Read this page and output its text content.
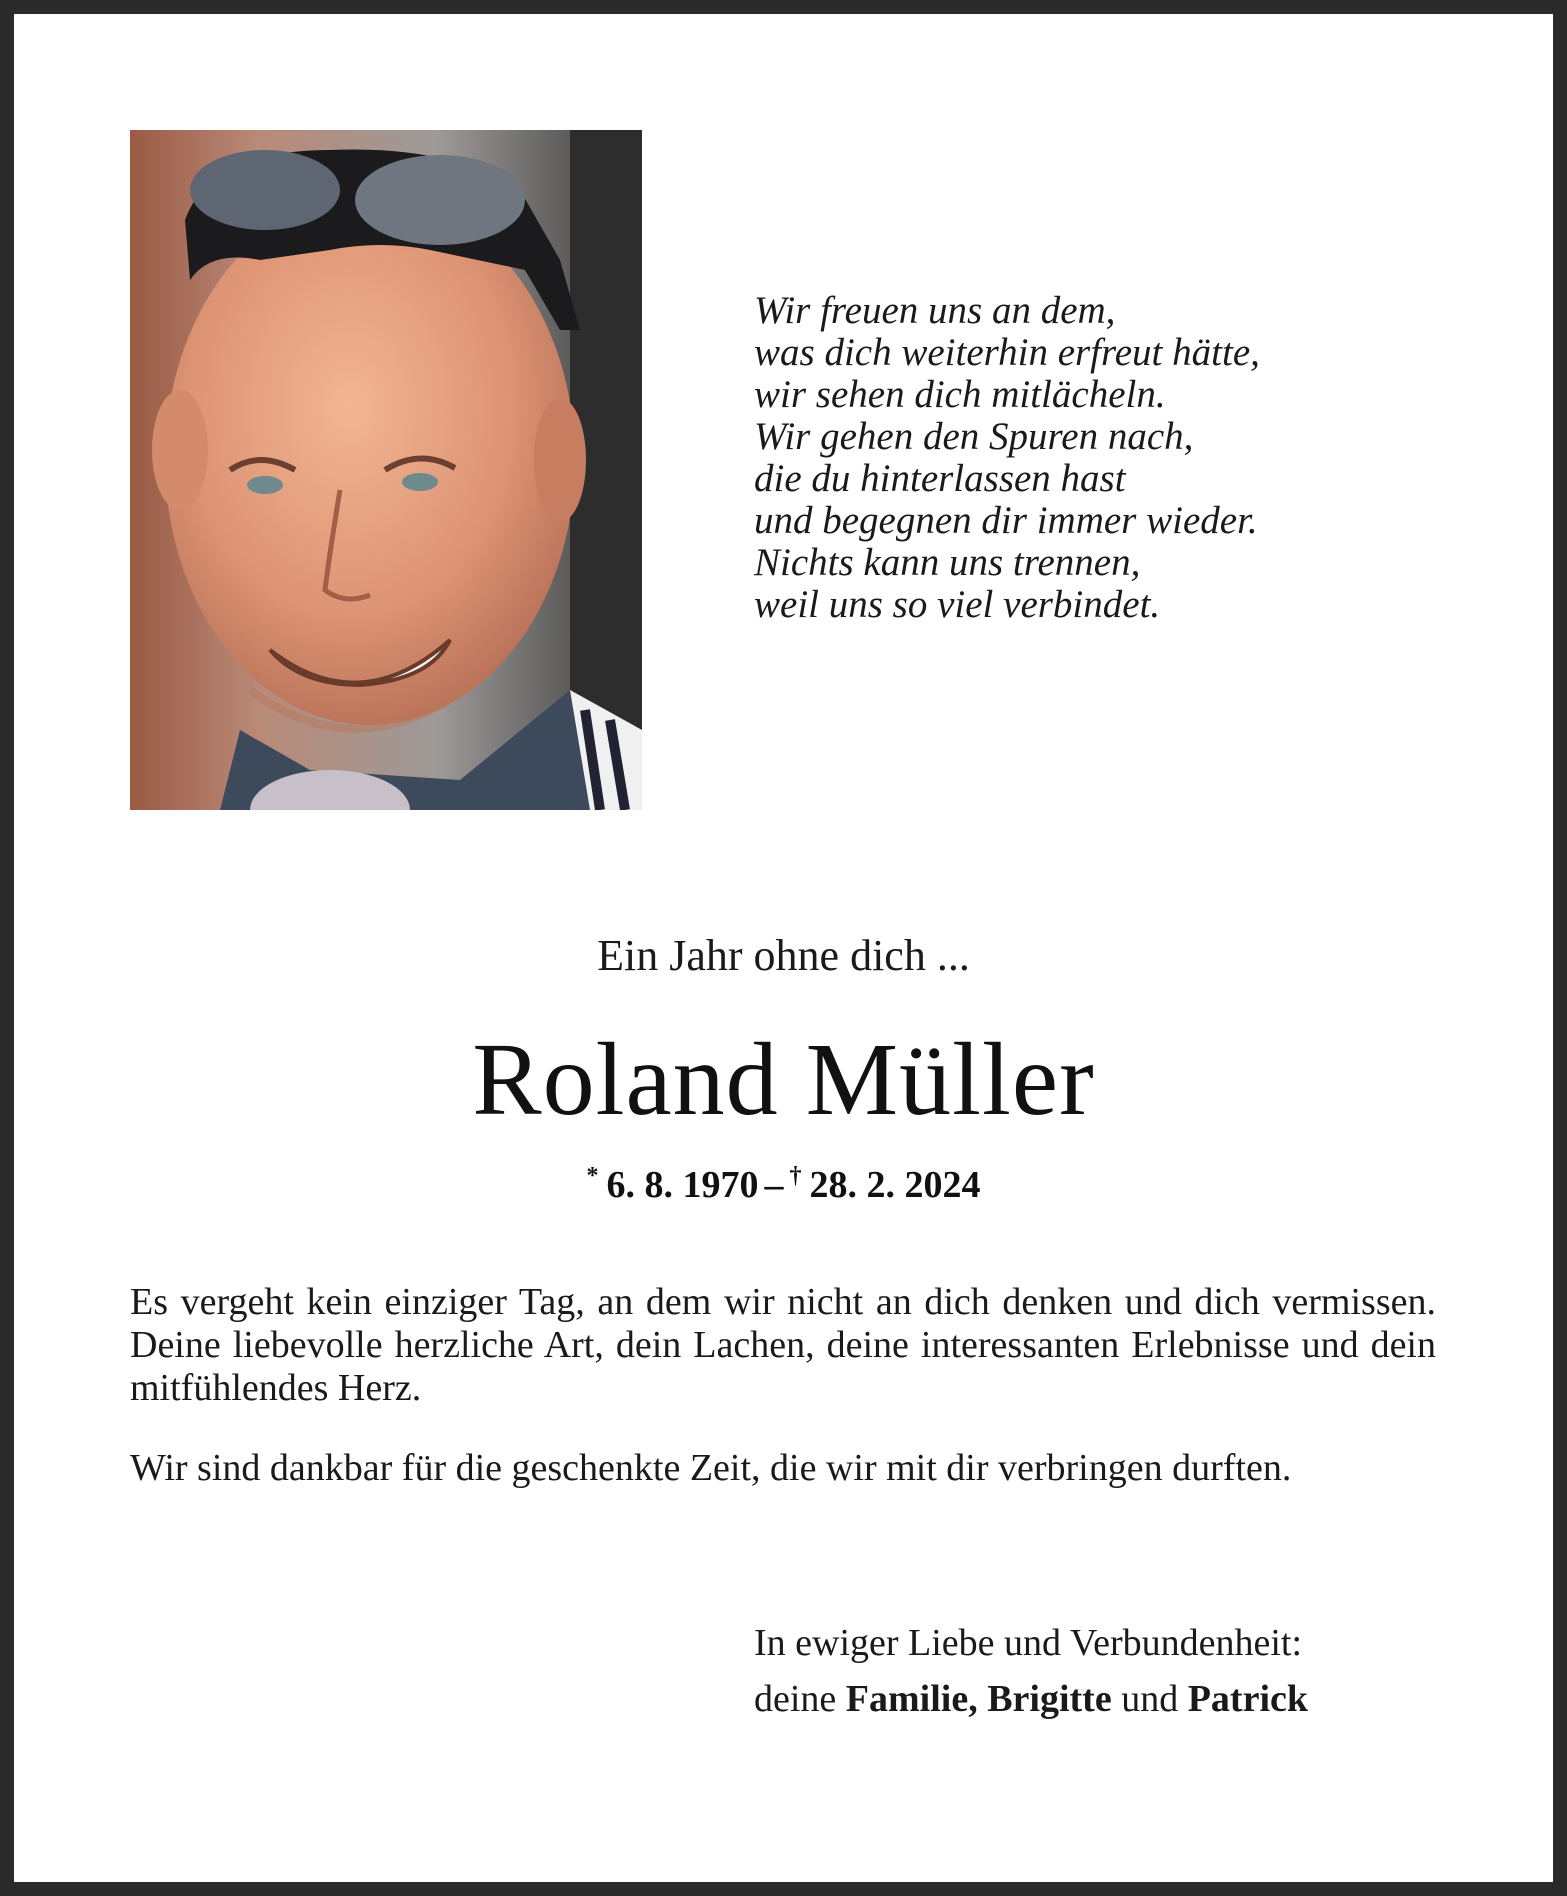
Wir freuen uns an dem,
was dich weiterhin erfreut hätte,
wir sehen dich mitlächeln.
Wir gehen den Spuren nach,
die du hinterlassen hast
und begegnen dir immer wieder.
Nichts kann uns trennen,
weil uns so viel verbindet.
Ein Jahr ohne dich ...
Roland Müller
* 6. 8. 1970 – † 28. 2. 2024
Es vergeht kein einziger Tag, an dem wir nicht an dich denken und dich vermissen. Deine liebevolle herzliche Art, dein Lachen, deine interessanten Erlebnisse und dein mitfühlendes Herz.
Wir sind dankbar für die geschenkte Zeit, die wir mit dir verbringen durften.
In ewiger Liebe und Verbundenheit:
deine Familie, Brigitte und Patrick
